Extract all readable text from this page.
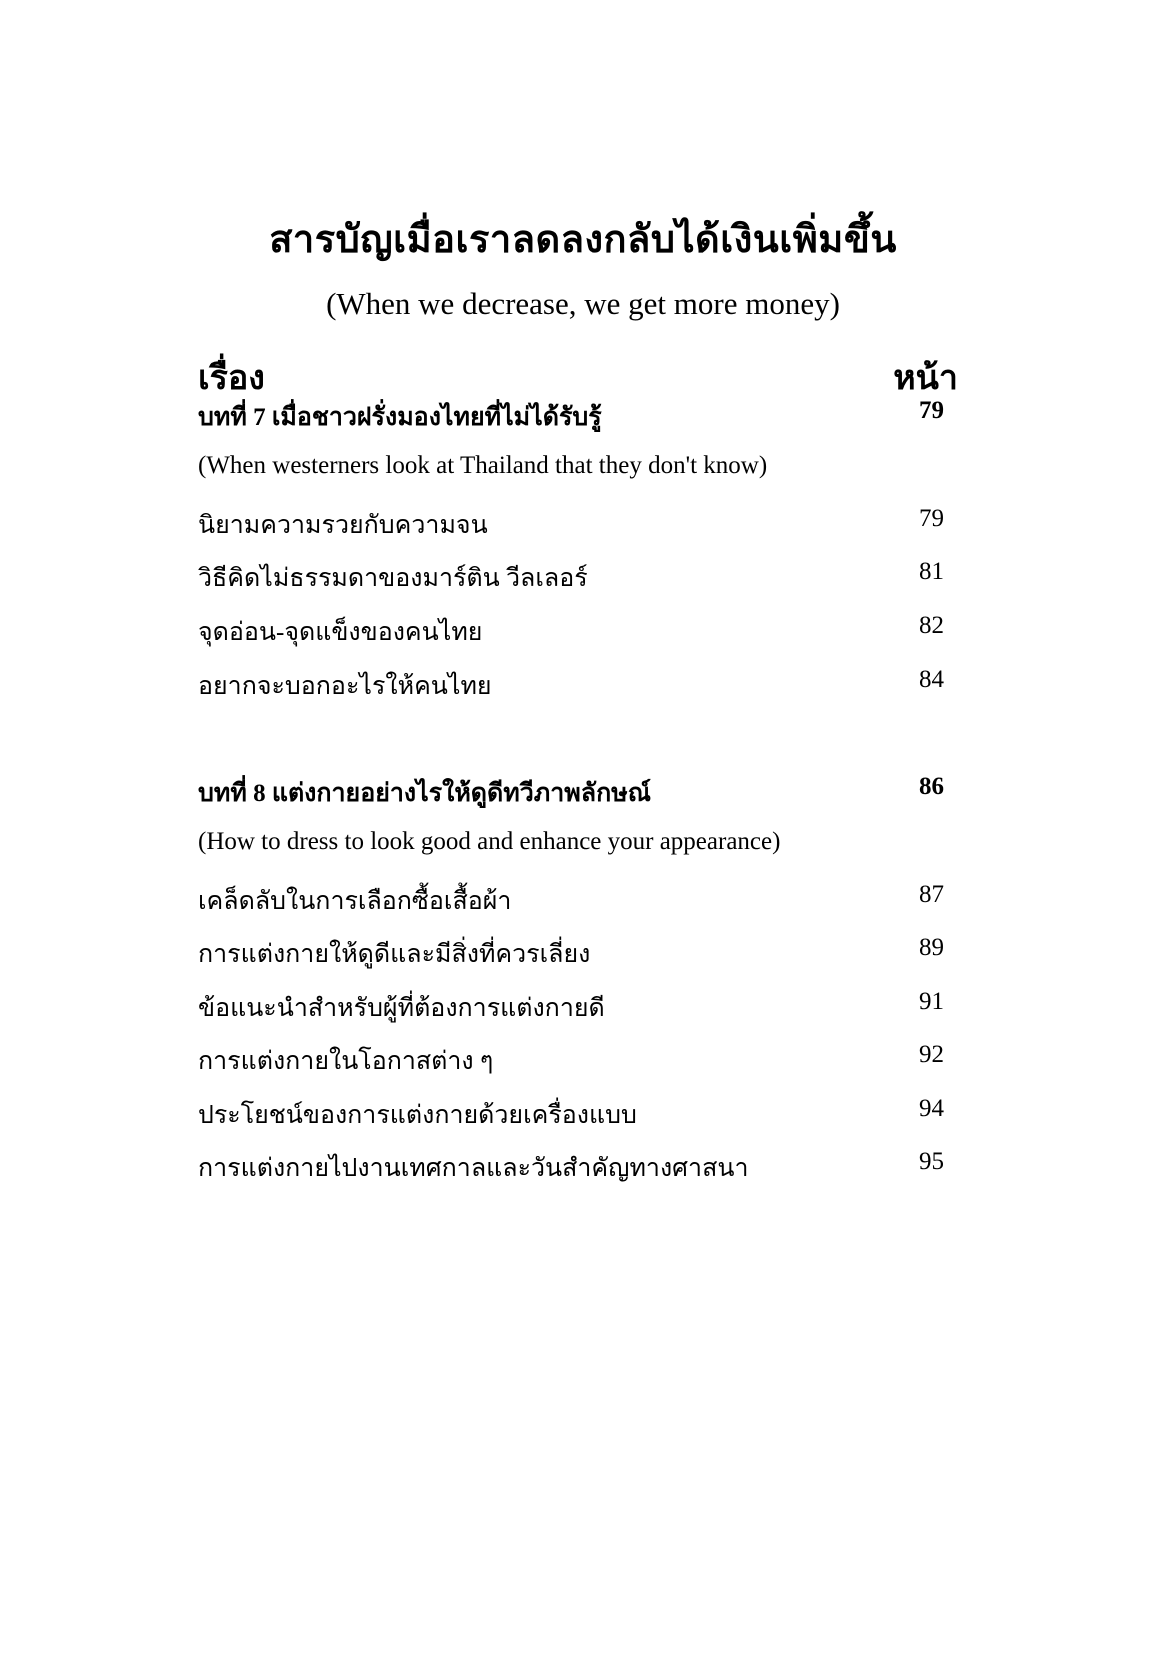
สารบัญเมื่อเราลดลงกลับได้เงินเพิ่มขึ้น
(When we decrease, we get more money)
เรื่อง	หน้า
บทที่ 7 เมื่อชาวฝรั่งมองไทยที่ไม่ได้รับรู้	79
(When westerners look at Thailand that they don't know)
นิยามความรวยกับความจน	79
วิธีคิดไม่ธรรมดาของมาร์ติน วีลเลอร์	81
จุดอ่อน-จุดแข็งของคนไทย	82
อยากจะบอกอะไรให้คนไทย	84
บทที่ 8 แต่งกายอย่างไรให้ดูดีทวีภาพลักษณ์	86
(How to dress to look good and enhance your appearance)
เคล็ดลับในการเลือกซื้อเสื้อผ้า	87
การแต่งกายให้ดูดีและมีสิ่งที่ควรเลี่ยง	89
ข้อแนะนำสำหรับผู้ที่ต้องการแต่งกายดี	91
การแต่งกายในโอกาสต่าง ๆ	92
ประโยชน์ของการแต่งกายด้วยเครื่องแบบ	94
การแต่งกายไปงานเทศกาลและวันสำคัญทางศาสนา	95
